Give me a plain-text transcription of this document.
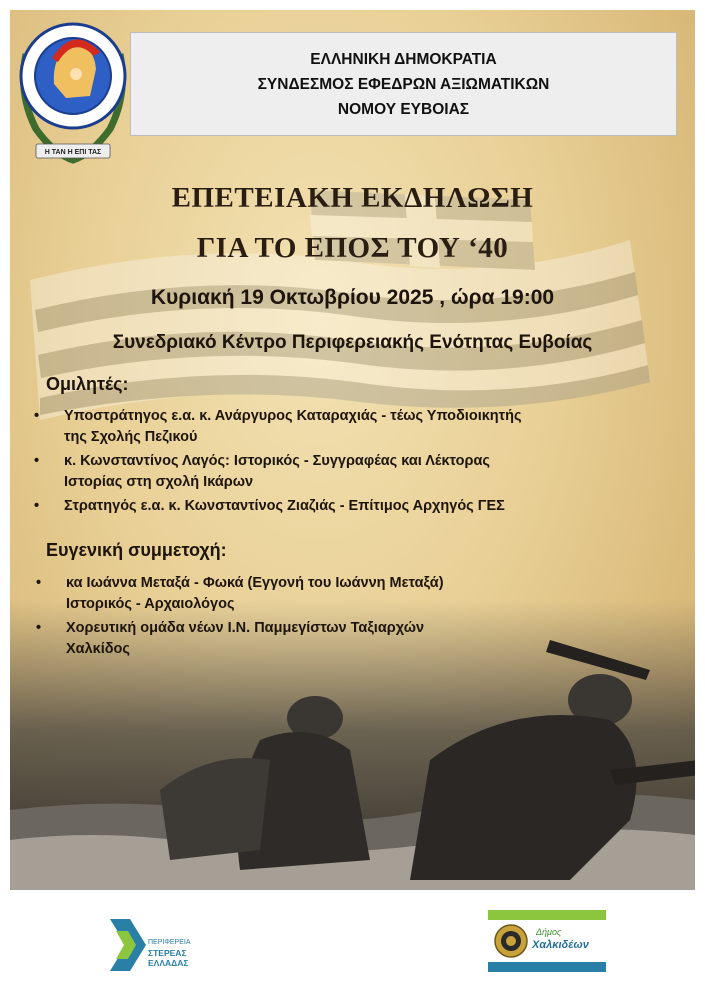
Η ΤΑΝ Η ΕΠΙ ΤΑΣ
ΕΛΛΗΝΙΚΗ ΔΗΜΟΚΡΑΤΙΑ
ΣΥΝΔΕΣΜΟΣ ΕΦΕΔΡΩΝ ΑΞΙΩΜΑΤΙΚΩΝ
ΝΟΜΟΥ ΕΥΒΟΙΑΣ
ΕΠΕΤΕΙΑΚΗ ΕΚΔΗΛΩΣΗ
ΓΙΑ ΤΟ ΕΠΟΣ ΤΟΥ ‘40
Κυριακή 19 Οκτωβρίου 2025 , ώρα 19:00
Συνεδριακό Κέντρο Περιφερειακής Ενότητας Ευβοίας
Ομιλητές:
• Υποστράτηγος ε.α. κ. Ανάργυρος Καταραχιάς - τέως Υποδιοικητής
της Σχολής Πεζικού
• κ. Κωνσταντίνος Λαγός: Ιστορικός - Συγγραφέας και Λέκτορας
Ιστορίας στη σχολή Ικάρων
• Στρατηγός ε.α. κ. Κωνσταντίνος Ζιαζιάς - Επίτιμος Αρχηγός ΓΕΣ
Ευγενική συμμετοχή:
• κα Ιωάννα Μεταξά - Φωκά (Εγγονή του Ιωάννη Μεταξά)
Ιστορικός - Αρχαιολόγος
• Χορευτική ομάδα νέων Ι.Ν. Παμμεγίστων Ταξιαρχών
Χαλκίδος
ΠΕΡΙΦΕΡΕΙΑ
ΣΤΕΡΕΑΣ
ΕΛΛΑΔΑΣ
Δήμος
Χαλκιδέων
